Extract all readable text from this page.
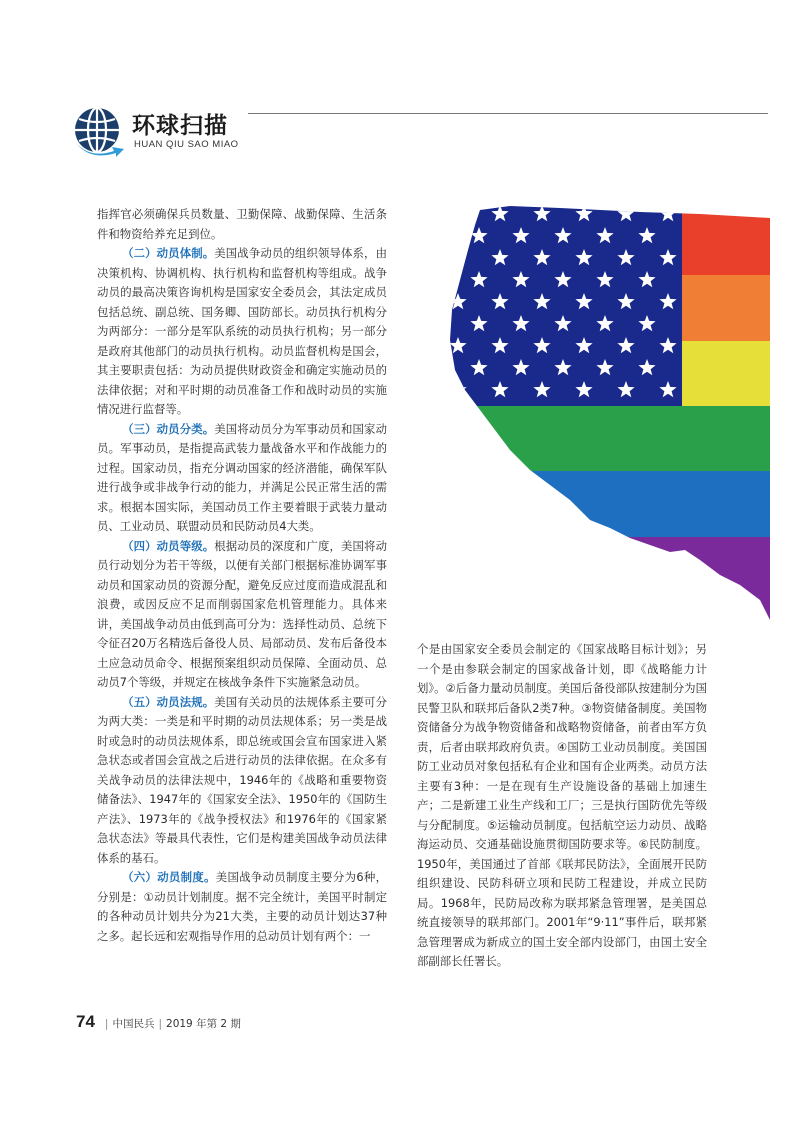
环球扫描
HUAN QIU SAO MIAO

指挥官必须确保兵员数量、卫勤保障、战勤保障、生活条件和物资给养充足到位。

（二）动员体制。美国战争动员的组织领导体系，由决策机构、协调机构、执行机构和监督机构等组成。战争动员的最高决策咨询机构是国家安全委员会，其法定成员包括总统、副总统、国务卿、国防部长。动员执行机构分为两部分：一部分是军队系统的动员执行机构；另一部分是政府其他部门的动员执行机构。动员监督机构是国会，其主要职责包括：为动员提供财政资金和确定实施动员的法律依据；对和平时期的动员准备工作和战时动员的实施情况进行监督等。

（三）动员分类。美国将动员分为军事动员和国家动员。军事动员，是指提高武装力量战备水平和作战能力的过程。国家动员，指充分调动国家的经济潜能，确保军队进行战争或非战争行动的能力，并满足公民正常生活的需求。根据本国实际，美国动员工作主要着眼于武装力量动员、工业动员、联盟动员和民防动员4大类。

（四）动员等级。根据动员的深度和广度，美国将动员行动划分为若干等级，以便有关部门根据标准协调军事动员和国家动员的资源分配，避免反应过度而造成混乱和浪费，或因反应不足而削弱国家危机管理能力。具体来讲，美国战争动员由低到高可分为：选择性动员、总统下令征召20万名精选后备役人员、局部动员、发布后备役本土应急动员命令、根据预案组织动员保障、全面动员、总动员7个等级，并规定在核战争条件下实施紧急动员。

（五）动员法规。美国有关动员的法规体系主要可分为两大类：一类是和平时期的动员法规体系；另一类是战时或急时的动员法规体系，即总统或国会宣布国家进入紧急状态或者国会宣战之后进行动员的法律依据。在众多有关战争动员的法律法规中，1946年的《战略和重要物资储备法》、1947年的《国家安全法》、1950年的《国防生产法》、1973年的《战争授权法》和1976年的《国家紧急状态法》等最具代表性，它们是构建美国战争动员法律体系的基石。

（六）动员制度。美国战争动员制度主要分为6种，分别是：①动员计划制度。据不完全统计，美国平时制定的各种动员计划共分为21大类，主要的动员计划达37种之多。起长远和宏观指导作用的总动员计划有两个：一

个是由国家安全委员会制定的《国家战略目标计划》；另一个是由参联会制定的国家战备计划，即《战略能力计划》。②后备力量动员制度。美国后备役部队按建制分为国民警卫队和联邦后备队2类7种。③物资储备制度。美国物资储备分为战争物资储备和战略物资储备，前者由军方负责，后者由联邦政府负责。④国防工业动员制度。美国国防工业动员对象包括私有企业和国有企业两类。动员方法主要有3种：一是在现有生产设施设备的基础上加速生产；二是新建工业生产线和工厂；三是执行国防优先等级与分配制度。⑤运输动员制度。包括航空运力动员、战略海运动员、交通基础设施贯彻国防要求等。⑥民防制度。1950年，美国通过了首部《联邦民防法》，全面展开民防组织建设、民防科研立项和民防工程建设，并成立民防局。1968年，民防局改称为联邦紧急管理署，是美国总统直接领导的联邦部门。2001年“9·11”事件后，联邦紧急管理署成为新成立的国土安全部内设部门，由国土安全部副部长任署长。

74 | 中国民兵 | 2019 年第 2 期
